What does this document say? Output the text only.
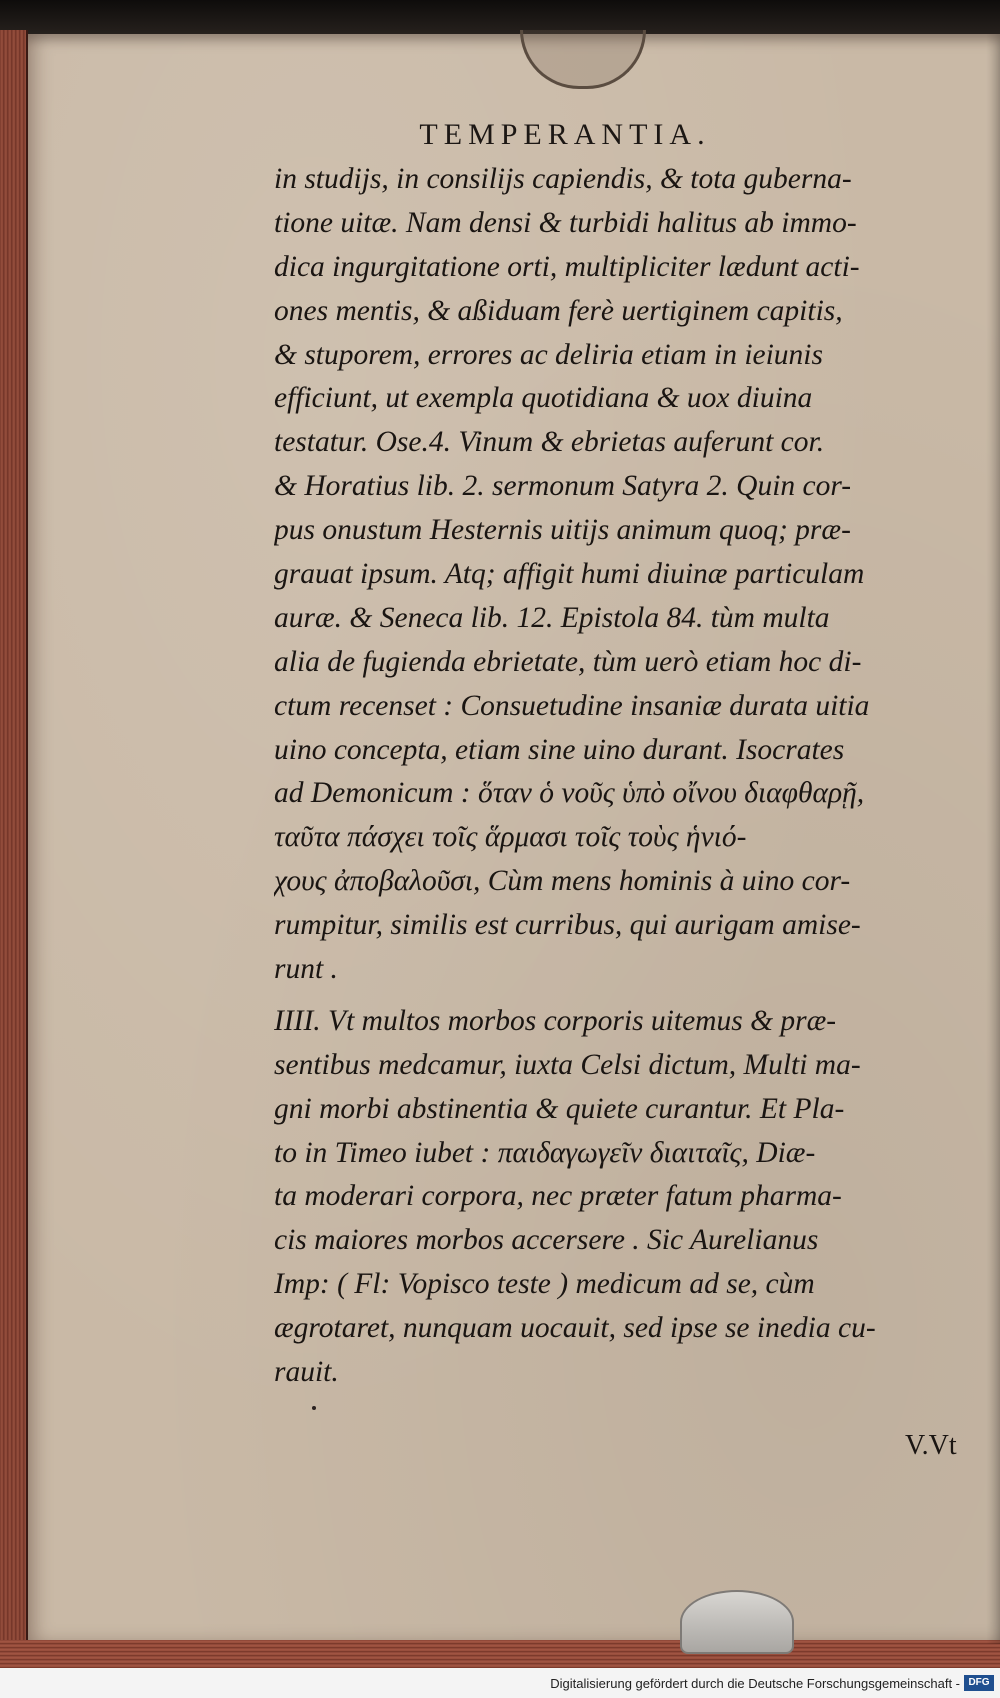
TEMPERANTIA.
in studijs, in consilijs capiendis, & tota guberna-
tione uitæ. Nam densi & turbidi halitus ab immo-
dica ingurgitatione orti, multipliciter lædunt acti-
ones mentis, & aßiduam ferè uertiginem capitis,
& stuporem, errores ac deliria etiam in ieiunis
efficiunt, ut exempla quotidiana & uox diuina
testatur. Ose.4. Vinum & ebrietas auferunt cor.
& Horatius lib. 2. sermonum Satyra 2. Quin cor-
pus onustum Hesternis uitijs animum quoq; præ-
grauat ipsum. Atq; affigit humi diuinæ particulam
auræ. & Seneca lib. 12. Epistola 84. tùm multa
alia de fugienda ebrietate, tùm uerò etiam hoc di-
ctum recenset : Consuetudine insaniæ durata uitia
uino concepta, etiam sine uino durant. Isocrates
ad Demonicum : ὅταν ὁ νοῦς ὑπὸ οἴνου διαφθαρῇ,
ταῦτα πάσχει τοῖς ἅρμασι τοῖς τοὺς ἡνιό-
χους ἀποβαλοῦσι, Cùm mens hominis à uino cor-
rumpitur, similis est curribus, qui aurigam amise-
runt .
IIII. Vt multos morbos corporis uitemus & præ-
sentibus medcamur, iuxta Celsi dictum, Multi ma-
gni morbi abstinentia & quiete curantur. Et Pla-
to in Timeo iubet : παιδαγωγεῖν διαιταῖς, Diæ-
ta moderari corpora, nec præter fatum pharma-
cis maiores morbos accersere . Sic Aurelianus
Imp: ( Fl: Vopisco teste ) medicum ad se, cùm
ægrotaret, nunquam uocauit, sed ipse se inedia cu-
rauit.
V.Vt
Digitalisierung gefördert durch die Deutsche Forschungsgemeinschaft - DFG
